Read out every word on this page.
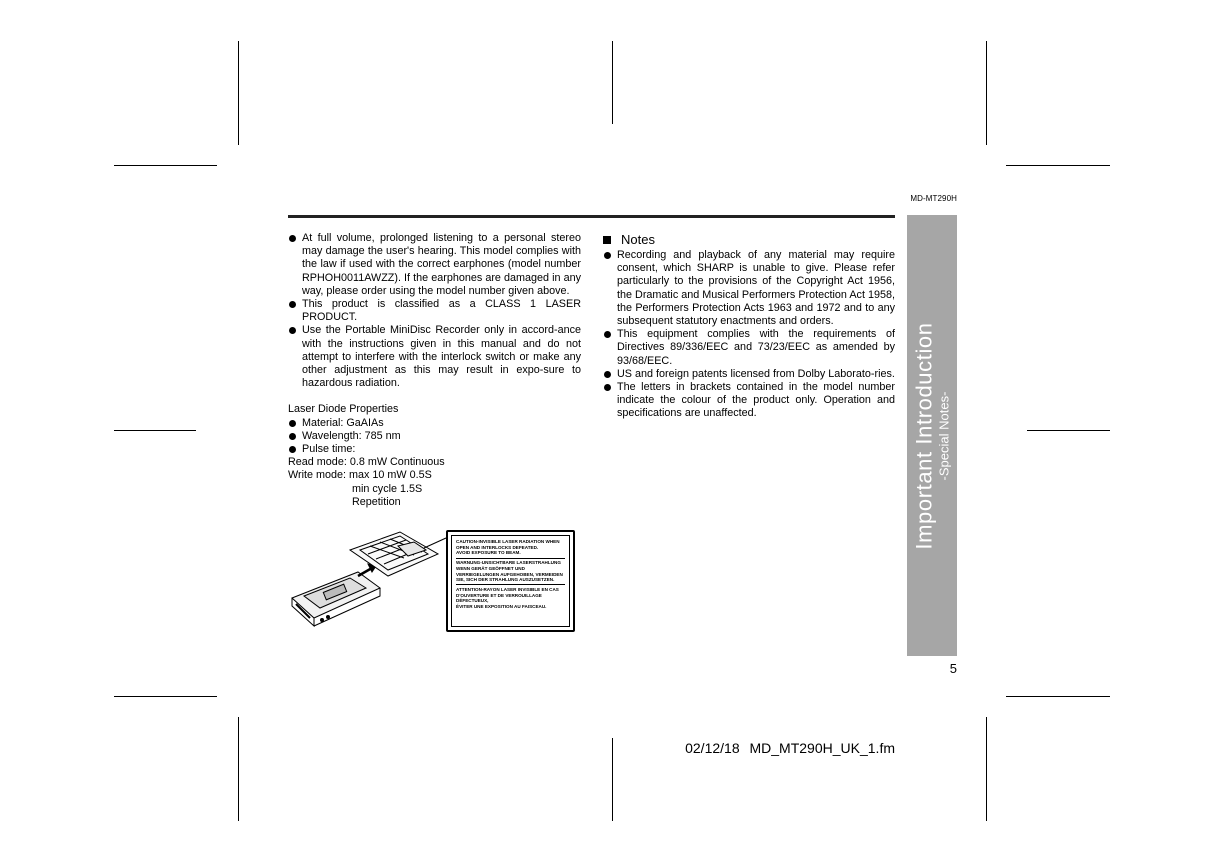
MD-MT290H
At full volume, prolonged listening to a personal stereo may damage the user's hearing. This model complies with the law if used with the correct earphones (model number RPHOH0011AWZZ). If the earphones are damaged in any way, please order using the model number given above.
This product is classified as a CLASS 1 LASER PRODUCT.
Use the Portable MiniDisc Recorder only in accord-ance with the instructions given in this manual and do not attempt to interfere with the interlock switch or make any other adjustment as this may result in expo-sure to hazardous radiation.

Laser Diode Properties

Material: GaAIAs
Wavelength: 785 nm
Pulse time:

Read mode: 0.8 mW Continuous

Write mode: max 10 mW 0.5S

min cycle 1.5S

Repetition

CAUTION-INVISIBLE LASER RADIATION WHEN OPEN AND INTERLOCKS DEFEATED.

AVOID EXPOSURE TO BEAM.

WARNUNG-UNSICHTBARE LASERSTRAHLUNG WENN GERÄT GEÖFFNET UND VERRIEGELUNGEN AUFGEHOBEN, VERMEIDEN SIE, SICH DER STRAHLUNG AUSZUSETZEN.

ATTENTION-RAYON LASER INVISIBLE EN CAS D'OUVERTURE ET DE VERROUILLAGE DÉFECTUEUX,

ÉVITER UNE EXPOSITION AU FAISCEAU.

Notes
Recording and playback of any material may require consent, which SHARP is unable to give. Please refer particularly to the provisions of the Copyright Act 1956, the Dramatic and Musical Performers Protection Act 1958, the Performers Protection Acts 1963 and 1972 and to any subsequent statutory enactments and orders.
This equipment complies with the requirements of Directives 89/336/EEC and 73/23/EEC as amended by 93/68/EEC.
US and foreign patents licensed from Dolby Laborato-ries.
The letters in brackets contained in the model number indicate the colour of the product only. Operation and specifications are unaffected.	Important Introduction -Special Notes-
5
02/12/18 MD_MT290H_UK_1.fm
